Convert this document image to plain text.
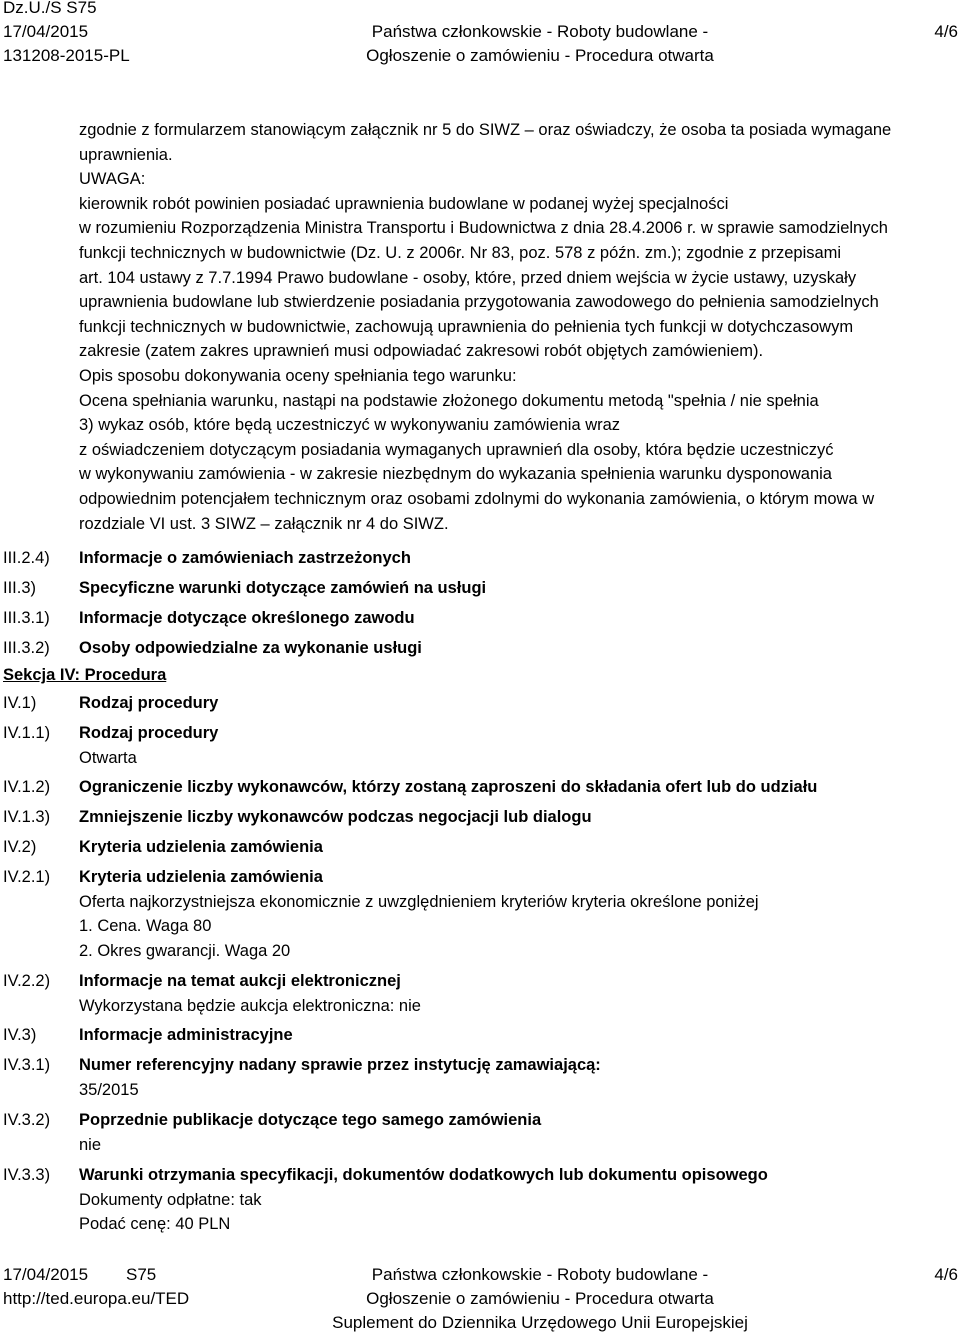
Dz.U./S S75
17/04/2015
131208-2015-PL
Państwa członkowskie - Roboty budowlane -
Ogłoszenie o zamówieniu - Procedura otwarta
4/6
zgodnie z formularzem stanowiącym załącznik nr 5 do SIWZ – oraz oświadczy, że osoba ta posiada wymagane
uprawnienia.
UWAGA:
kierownik robót powinien posiadać uprawnienia budowlane w podanej wyżej specjalności
w rozumieniu Rozporządzenia Ministra Transportu i Budownictwa z dnia 28.4.2006 r. w sprawie samodzielnych
funkcji technicznych w budownictwie (Dz. U. z 2006r. Nr 83, poz. 578 z późn. zm.); zgodnie z przepisami
art. 104 ustawy z 7.7.1994 Prawo budowlane - osoby, które, przed dniem wejścia w życie ustawy, uzyskały
uprawnienia budowlane lub stwierdzenie posiadania przygotowania zawodowego do pełnienia samodzielnych
funkcji technicznych w budownictwie, zachowują uprawnienia do pełnienia tych funkcji w dotychczasowym
zakresie (zatem zakres uprawnień musi odpowiadać zakresowi robót objętych zamówieniem).
Opis sposobu dokonywania oceny spełniania tego warunku:
Ocena spełniania warunku, nastąpi na podstawie złożonego dokumentu metodą "spełnia / nie spełnia
3) wykaz osób, które będą uczestniczyć w wykonywaniu zamówienia wraz
z oświadczeniem dotyczącym posiadania wymaganych uprawnień dla osoby, która będzie uczestniczyć
w wykonywaniu zamówienia - w zakresie niezbędnym do wykazania spełnienia warunku dysponowania
odpowiednim potencjałem technicznym oraz osobami zdolnymi do wykonania zamówienia, o którym mowa w
rozdziale VI ust. 3 SIWZ – załącznik nr 4 do SIWZ.
III.2.4) Informacje o zamówieniach zastrzeżonych
III.3)	Specyficzne warunki dotyczące zamówień na usługi
III.3.1) Informacje dotyczące określonego zawodu
III.3.2) Osoby odpowiedzialne za wykonanie usługi
Sekcja IV: Procedura
IV.1)	Rodzaj procedury
IV.1.1) Rodzaj procedury
Otwarta
IV.1.2) Ograniczenie liczby wykonawców, którzy zostaną zaproszeni do składania ofert lub do udziału
IV.1.3) Zmniejszenie liczby wykonawców podczas negocjacji lub dialogu
IV.2)	Kryteria udzielenia zamówienia
IV.2.1) Kryteria udzielenia zamówienia
Oferta najkorzystniejsza ekonomicznie z uwzględnieniem kryteriów kryteria określone poniżej
1. Cena. Waga 80
2. Okres gwarancji. Waga 20
IV.2.2) Informacje na temat aukcji elektronicznej
Wykorzystana będzie aukcja elektroniczna: nie
IV.3)	Informacje administracyjne
IV.3.1) Numer referencyjny nadany sprawie przez instytucję zamawiającą:
35/2015
IV.3.2) Poprzednie publikacje dotyczące tego samego zamówienia
nie
IV.3.3) Warunki otrzymania specyfikacji, dokumentów dodatkowych lub dokumentu opisowego
Dokumenty odpłatne: tak
Podać cenę: 40 PLN
17/04/2015 S75
http://ted.europa.eu/TED
Państwa członkowskie - Roboty budowlane -
Ogłoszenie o zamówieniu - Procedura otwarta
Suplement do Dziennika Urzędowego Unii Europejskiej
4/6
